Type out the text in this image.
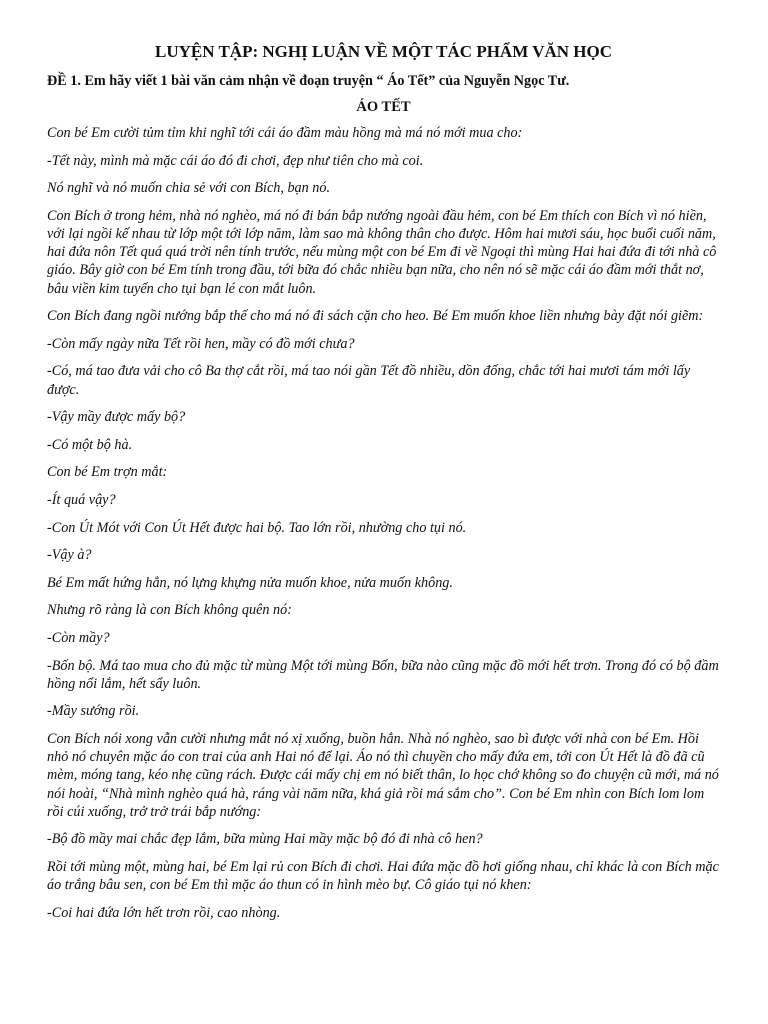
LUYỆN TẬP: NGHỊ LUẬN VỀ MỘT TÁC PHẨM VĂN HỌC
ĐỀ 1. Em hãy viết 1 bài văn cảm nhận về đoạn truyện “ Áo Tết” của Nguyễn Ngọc Tư.
ÁO TẾT

Con bé Em cười tủm tỉm khi nghĩ tới cái áo đầm màu hồng mà má nó mới mua cho:

-Tết này, mình mà mặc cái áo đó đi chơi, đẹp như tiên cho mà coi.

Nó nghĩ và nó muốn chia sẻ với con Bích, bạn nó.

Con Bích ở trong hẻm, nhà nó nghèo, má nó đi bán bắp nướng ngoài đầu hẻm, con bé Em thích con Bích vì nó hiền, với lại ngồi kế nhau từ lớp một tới lớp năm, làm sao mà không thân cho được. Hôm hai mươi sáu, học buổi cuối năm, hai đứa nôn Tết quá quá trời nên tính trước, nếu mùng một con bé Em đi về Ngoại thì mùng Hai hai đứa đi tới nhà cô giáo. Bây giờ con bé Em tính trong đầu, tới bữa đó chắc nhiều bạn nữa, cho nên nó sẽ mặc cái áo đầm mới thắt nơ, bâu viền kim tuyến cho tụi bạn lé con mắt luôn.

Con Bích đang ngồi nướng bắp thế cho má nó đi sách cặn cho heo. Bé Em muốn khoe liền nhưng bày đặt nói giẽm:

-Còn mấy ngày nữa Tết rồi hen, mầy có đồ mới chưa?

-Có, má tao đưa vải cho cô Ba thợ cắt rồi, má tao nói gần Tết đồ nhiều, dồn đống, chắc tới hai mươi tám mới lấy được.

-Vậy mầy được mấy bộ?

-Có một bộ hà.

Con bé Em trợn mắt:

-Ít quá vậy?

-Con Út Mót với Con Út Hết được hai bộ. Tao lớn rồi, nhường cho tụi nó.

-Vậy à?

Bé Em mất hứng hẳn, nó lựng khựng nửa muốn khoe, nửa muốn không.

Nhưng rõ ràng là con Bích không quên nó:

-Còn mầy?

-Bốn bộ. Má tao mua cho đủ mặc từ mùng Một tới mùng Bốn, bữa nào cũng mặc đồ mới hết trơn. Trong đó có bộ đầm hồng nổi lắm, hết sẩy luôn.

-Mầy sướng rồi.

Con Bích nói xong vẫn cười nhưng mắt nó xị xuống, buồn hẳn. Nhà nó nghèo, sao bì được với nhà con bé Em. Hồi nhỏ nó chuyên mặc áo con trai của anh Hai nó để lại. Áo nó thì chuyền cho mấy đứa em, tới con Út Hết là đồ đã cũ mèm, móng tang, kéo nhẹ cũng rách. Được cái mấy chị em nó biết thân, lo học chớ không so đo chuyện cũ mới, má nó nói hoài, “Nhà mình nghèo quá hà, ráng vài năm nữa, khá giả rồi má sắm cho”. Con bé Em nhìn con Bích lom lom rồi cúi xuống, trở trở trái bắp nướng:

-Bộ đồ mầy mai chắc đẹp lắm, bữa mùng Hai mầy mặc bộ đó đi nhà cô hen?

Rồi tới mùng một, mùng hai, bé Em lại rủ con Bích đi chơi. Hai đứa mặc đồ hơi giống nhau, chỉ khác là con Bích mặc áo trắng bâu sen, con bé Em thì mặc áo thun có in hình mèo bự. Cô giáo tụi nó khen:

-Coi hai đứa lớn hết trơn rồi, cao nhòng.
